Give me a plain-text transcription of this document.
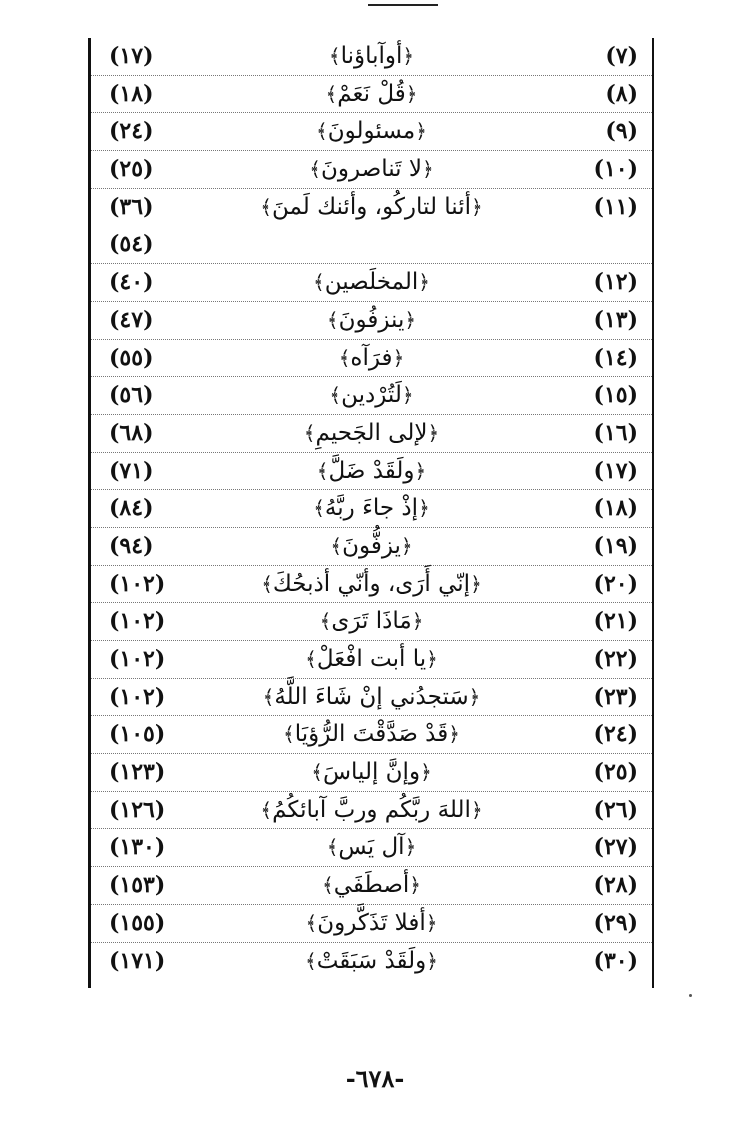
(٧)
﴿أوآباؤنا﴾
(١٧)
(٨)
﴿قُلْ نَعَمْ﴾
(١٨)
(٩)
﴿مسئولونَ﴾
(٢٤)
(١٠)
﴿لا تَناصرونَ﴾
(٢٥)
(١١)
﴿أئنا لتاركُو، وأئنك لَمنَ﴾
(٣٦)
(٥٤)
(١٢)
﴿المخلَصين﴾
(٤٠)
(١٣)
﴿ينزفُونَ﴾
(٤٧)
(١٤)
﴿فرَآه﴾
(٥٥)
(١٥)
﴿لَتُرْدين﴾
(٥٦)
(١٦)
﴿لإلى الجَحيمِ﴾
(٦٨)
(١٧)
﴿ولَقَدْ ضَلَّ﴾
(٧١)
(١٨)
﴿إذْ جاءَ ربَّهُ﴾
(٨٤)
(١٩)
﴿يزفُّونَ﴾
(٩٤)
(٢٠)
﴿إنّي أَرَى، وأنّي أذبحُكَ﴾
(١٠٢)
(٢١)
﴿مَاذَا تَرَى﴾
(١٠٢)
(٢٢)
﴿يا أبت افْعَلْ﴾
(١٠٢)
(٢٣)
﴿سَتجدُني إنْ شَاءَ اللَّهُ﴾
(١٠٢)
(٢٤)
﴿قَدْ صَدَّقْتَ الرُّؤيَا﴾
(١٠٥)
(٢٥)
﴿وإنَّ إلياسَ﴾
(١٢٣)
(٢٦)
﴿اللهَ ربَّكُم وربَّ آبائكُمُ﴾
(١٢٦)
(٢٧)
﴿آل يَس﴾
(١٣٠)
(٢٨)
﴿أصطَفَي﴾
(١٥٣)
(٢٩)
﴿أفلا تَذَكَّرونَ﴾
(١٥٥)
(٣٠)
﴿ولَقَدْ سَبَقَتْ﴾
(١٧١)
-٦٧٨-
